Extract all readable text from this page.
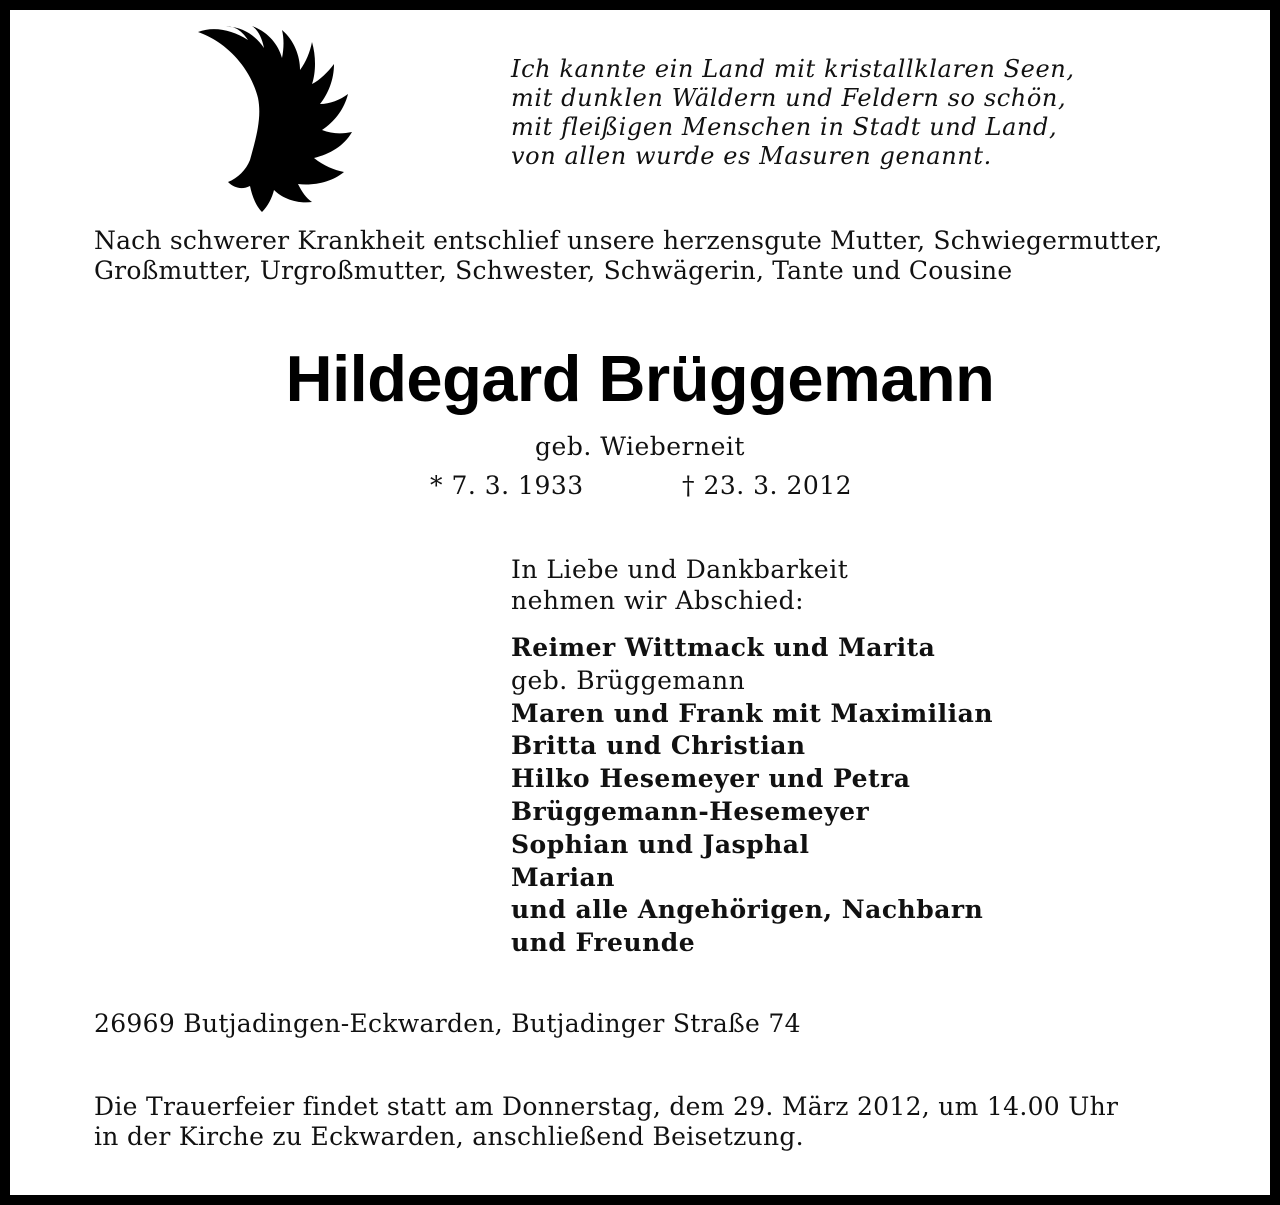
Ich kannte ein Land mit kristallklaren Seen,
mit dunklen Wäldern und Feldern so schön,
mit fleißigen Menschen in Stadt und Land,
von allen wurde es Masuren genannt.
Nach schwerer Krankheit entschlief unsere herzensgute Mutter, Schwiegermutter,
Großmutter, Urgroßmutter, Schwester, Schwägerin, Tante und Cousine
Hildegard Brüggemann
geb. Wieberneit
* 7. 3. 1933	† 23. 3. 2012
In Liebe und Dankbarkeit
nehmen wir Abschied:
Reimer Wittmack und Marita
geb. Brüggemann
Maren und Frank mit Maximilian
Britta und Christian
Hilko Hesemeyer und Petra
Brüggemann-Hesemeyer
Sophian und Jasphal
Marian
und alle Angehörigen, Nachbarn
und Freunde
26969 Butjadingen-Eckwarden, Butjadinger Straße 74
Die Trauerfeier findet statt am Donnerstag, dem 29. März 2012, um 14.00 Uhr
in der Kirche zu Eckwarden, anschließend Beisetzung.
